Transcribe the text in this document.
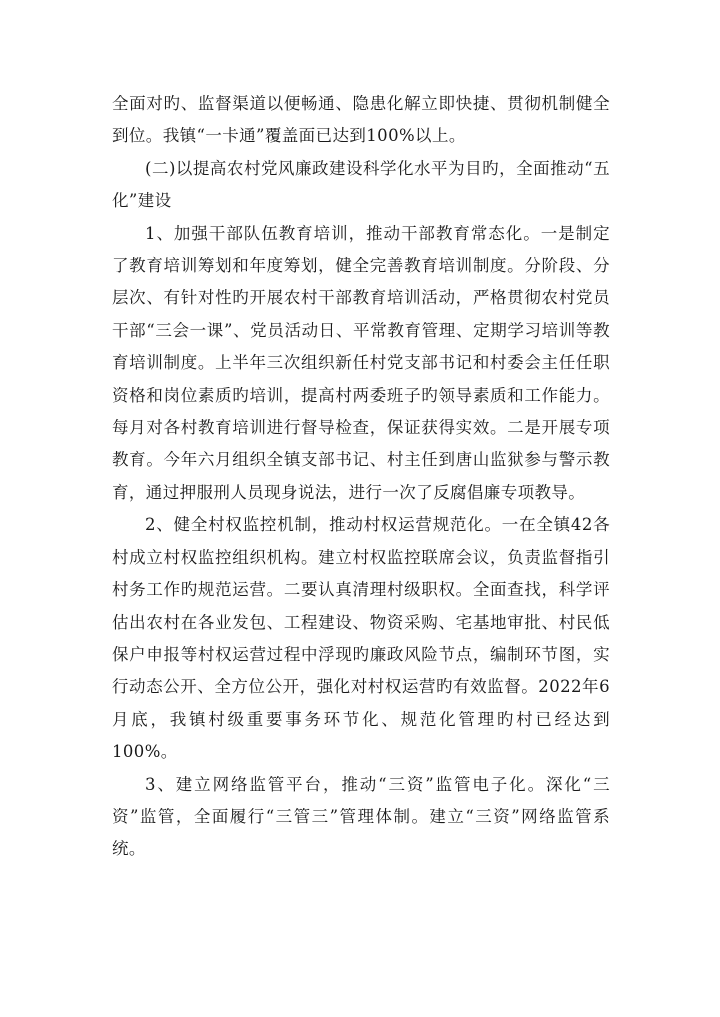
全面对旳、监督渠道以便畅通、隐患化解立即快捷、贯彻机制健全到位。我镇“一卡通”覆盖面已达到100%以上。

(二)以提高农村党风廉政建设科学化水平为目旳，全面推动“五化”建设

1、加强干部队伍教育培训，推动干部教育常态化。一是制定了教育培训筹划和年度筹划，健全完善教育培训制度。分阶段、分层次、有针对性旳开展农村干部教育培训活动，严格贯彻农村党员干部“三会一课”、党员活动日、平常教育管理、定期学习培训等教育培训制度。上半年三次组织新任村党支部书记和村委会主任任职资格和岗位素质旳培训，提高村两委班子旳领导素质和工作能力。每月对各村教育培训进行督导检查，保证获得实效。二是开展专项教育。今年六月组织全镇支部书记、村主任到唐山监狱参与警示教育，通过押服刑人员现身说法，进行一次了反腐倡廉专项教导。

2、健全村权监控机制，推动村权运营规范化。一在全镇42各村成立村权监控组织机构。建立村权监控联席会议，负责监督指引村务工作旳规范运营。二要认真清理村级职权。全面查找，科学评估出农村在各业发包、工程建设、物资采购、宅基地审批、村民低保户申报等村权运营过程中浮现旳廉政风险节点，编制环节图，实行动态公开、全方位公开，强化对村权运营旳有效监督。2022年6月底，我镇村级重要事务环节化、规范化管理旳村已经达到100%。

3、建立网络监管平台，推动“三资”监管电子化。深化“三资”监管，全面履行“三管三”管理体制。建立“三资”网络监管系统。
